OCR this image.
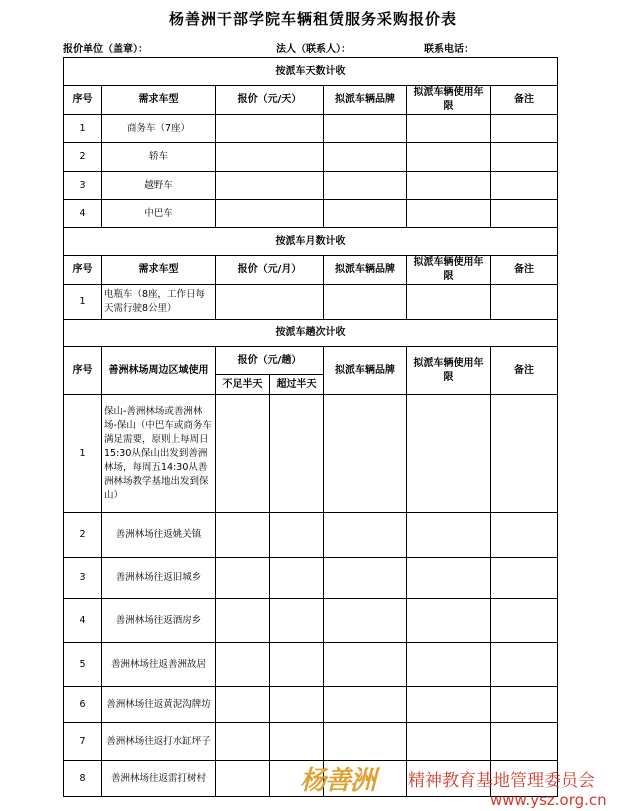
杨善洲干部学院车辆租赁服务采购报价表
报价单位（盖章）：	法人（联系人）：	联系电话：
按派车天数计收						
序号	需求车型	报价（元/天）		拟派车辆品牌	拟派车辆使用年限	备注
1	商务车（7座）					
2	轿车					
3	越野车					
4	中巴车					
按派车月数计收						
序号	需求车型	报价（元/月）		拟派车辆品牌	拟派车辆使用年限	备注
1	电瓶车（8座，工作日每天需行驶8公里）					
按派车趟次计收						
序号	善洲林场周边区域使用	报价（元/趟）		拟派车辆品牌	拟派车辆使用年限	备注
		不足半天	超过半天			
1	保山-善洲林场或善洲林场-保山（中巴车或商务车满足需要，原则上每周日15:30从保山出发到善洲林场，每周五14:30从善洲林场教学基地出发到保山）					
2	善洲林场往返姚关镇					
3	善洲林场往返旧城乡					
4	善洲林场往返酒房乡					
5	善洲林场往返善洲故居					
6	善洲林场往返黄泥沟牌坊					
7	善洲林场往返打水缸坪子					
8	善洲林场往返雷打树村						杨善洲 精神教育基地管理委员会
www.ysz.org.cn
